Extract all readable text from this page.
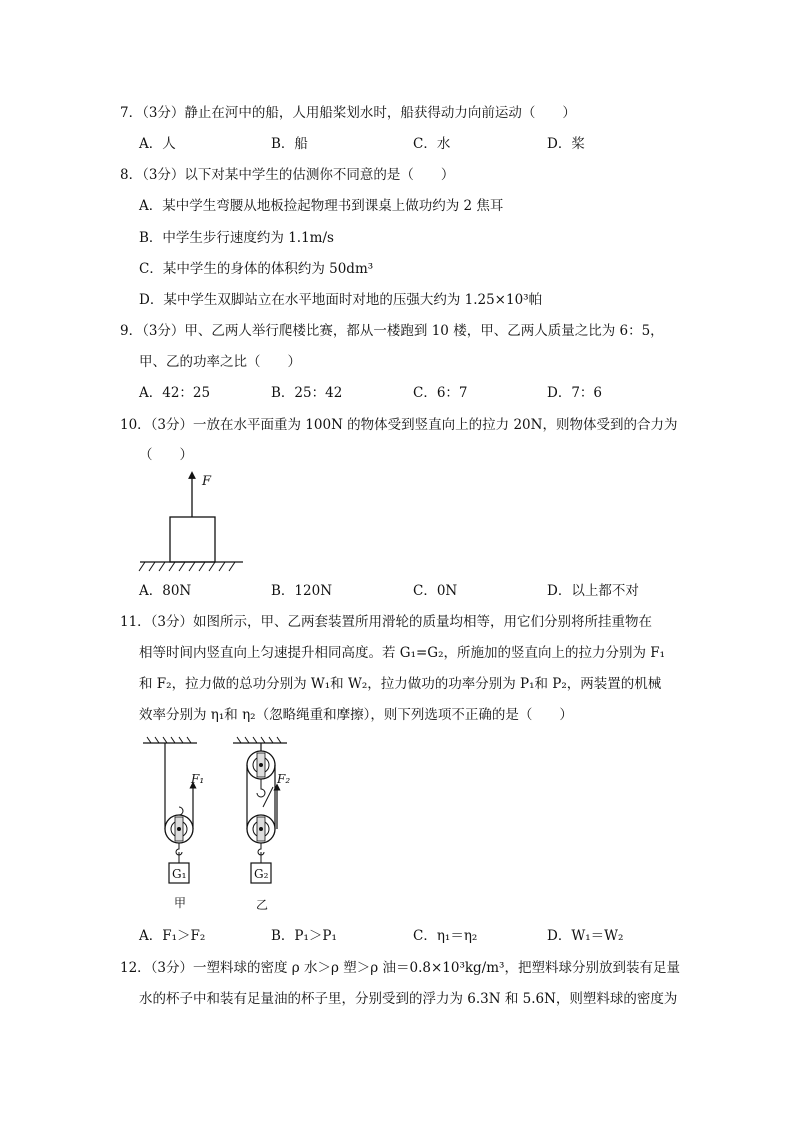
7．（3分）静止在河中的船，人用船桨划水时，船获得动力向前运动（　　）
A．人	B．船	C．水	D．桨
8．（3分）以下对某中学生的估测你不同意的是（　　）
A．某中学生弯腰从地板捡起物理书到课桌上做功约为 2 焦耳
B．中学生步行速度约为 1.1m/s
C．某中学生的身体的体积约为 50dm³
D．某中学生双脚站立在水平地面时对地的压强大约为 1.25×10³帕
9．（3分）甲、乙两人举行爬楼比赛，都从一楼跑到 10 楼，甲、乙两人质量之比为 6：5，
甲、乙的功率之比（　　）
A．42：25	B．25：42	C．6：7	D．7：6
10．（3分）一放在水平面重为 100N 的物体受到竖直向上的拉力 20N，则物体受到的合力为
（　　）
F
A．80N	B．120N	C．0N	D．以上都不对
11．（3分）如图所示，甲、乙两套装置所用滑轮的质量均相等，用它们分别将所挂重物在
相等时间内竖直向上匀速提升相同高度。若 G₁=G₂，所施加的竖直向上的拉力分别为 F₁
和 F₂，拉力做的总功分别为 W₁和 W₂，拉力做功的功率分别为 P₁和 P₂，两装置的机械
效率分别为 η₁和 η₂（忽略绳重和摩擦），则下列选项不正确的是（　　）
G₁
F₁
甲
G₂
F₂
乙
A．F₁＞F₂	B．P₁＞P₁	C．η₁＝η₂	D．W₁＝W₂
12．（3分）一塑料球的密度 ρ 水＞ρ 塑＞ρ 油＝0.8×10³kg/m³，把塑料球分别放到装有足量
水的杯子中和装有足量油的杯子里，分别受到的浮力为 6.3N 和 5.6N，则塑料球的密度为
